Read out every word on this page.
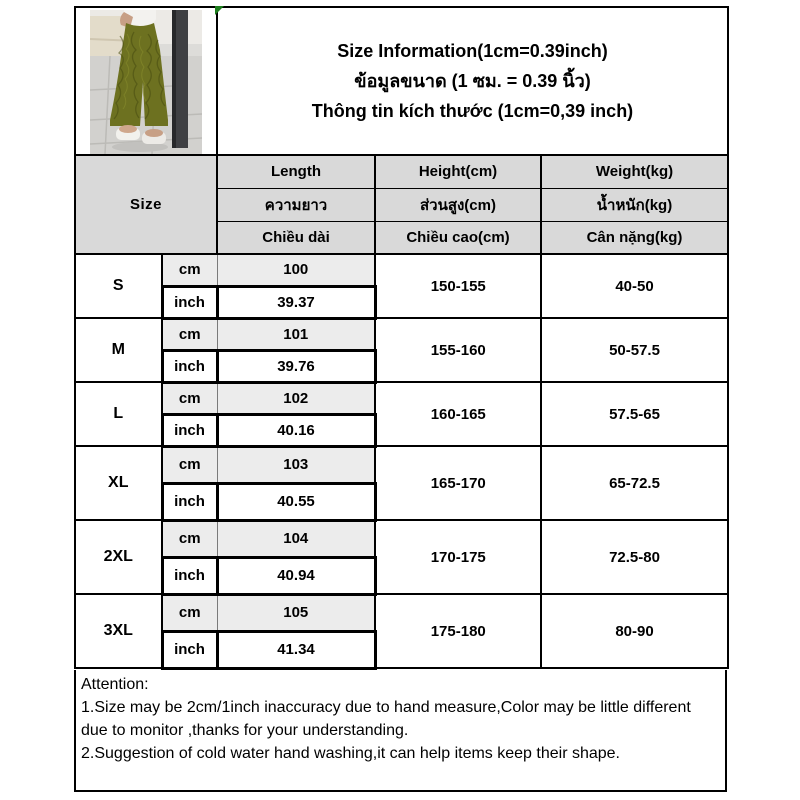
Size Information(1cm=0.39inch)
ข้อมูลขนาด (1 ซม. = 0.39 นิ้ว)
Thông tin kích thước (1cm=0,39 inch)		

Size		Length	Height(cm)	Weight(kg)
		ความยาว	ส่วนสูง(cm)	น้ำหนัก(kg)
		Chiều dài	Chiều cao(cm)	Cân nặng(kg)
S	cm	100	150-155	40-50
	inch	39.37		
M	cm	101	155-160	50-57.5
	inch	39.76		
L	cm	102	160-165	57.5-65
	inch	40.16		
XL	cm	103	165-170	65-72.5
	inch	40.55		
2XL	cm	104	170-175	72.5-80
	inch	40.94		
3XL	cm	105	175-180	80-90
	inch	41.34		
Attention:
1.Size may be 2cm/1inch inaccuracy due to hand measure,Color may be little different due to monitor ,thanks for your understanding.
2.Suggestion of cold water hand washing,it can help items keep their shape.
